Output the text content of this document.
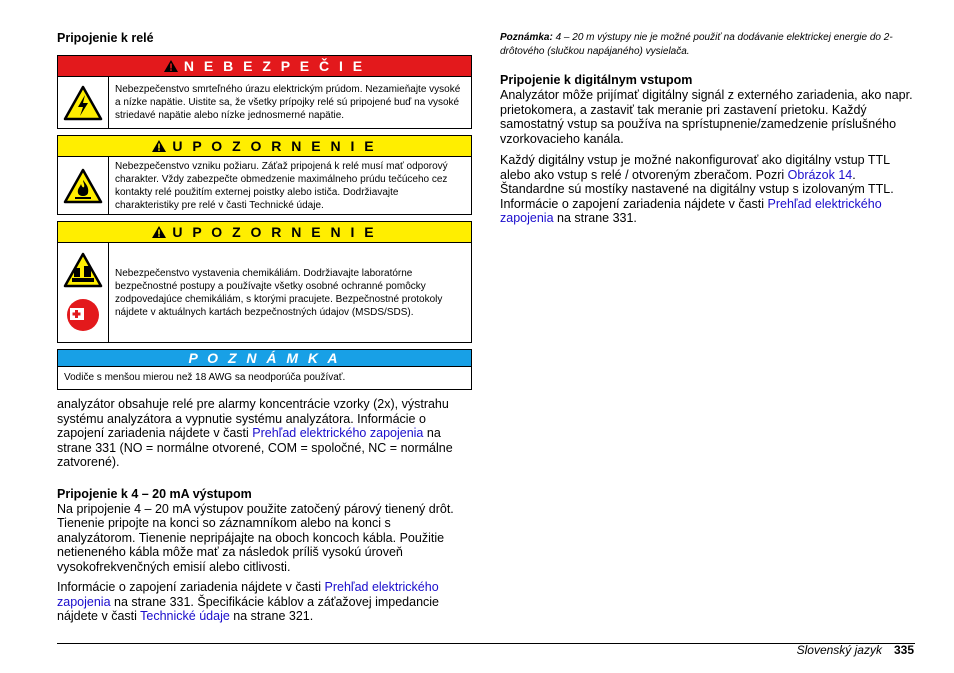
Pripojenie k relé
N E B E Z P E Č I E
Nebezpečenstvo smrteľného úrazu elektrickým prúdom. Nezamieňajte vysoké a nízke napätie. Uistite sa, že všetky prípojky relé sú pripojené buď na vysoké striedavé napätie alebo nízke jednosmerné napätie.
U P O Z O R N E N I E
Nebezpečenstvo vzniku požiaru. Záťaž pripojená k relé musí mať odporový charakter. Vždy zabezpečte obmedzenie maximálneho prúdu tečúceho cez kontakty relé použitím externej poistky alebo ističa. Dodržiavajte charakteristiky pre relé v časti Technické údaje.
U P O Z O R N E N I E
Nebezpečenstvo vystavenia chemikáliám. Dodržiavajte laboratórne bezpečnostné postupy a používajte všetky osobné ochranné pomôcky zodpovedajúce chemikáliám, s ktorými pracujete. Bezpečnostné protokoly nájdete v aktuálnych kartách bezpečnostných údajov (MSDS/SDS).
P O Z N Á M K A
Vodiče s menšou mierou než 18 AWG sa neodporúča používať.

analyzátor obsahuje relé pre alarmy koncentrácie vzorky (2x), výstrahu systému analyzátora a vypnutie systému analyzátora. Informácie o zapojení zariadenia nájdete v časti Prehľad elektrického zapojenia na strane 331 (NO = normálne otvorené, COM = spoločné, NC = normálne zatvorené).

Pripojenie k 4 – 20 mA výstupom

Na pripojenie 4 – 20 mA výstupov použite zatočený párový tienený drôt. Tienenie pripojte na konci so záznamníkom alebo na konci s analyzátorom. Tienenie nepripájajte na oboch koncoch kábla. Použitie netieneného kábla môže mať za následok príliš vysokú úroveň vysokofrekvenčných emisií alebo citlivosti.

Informácie o zapojení zariadenia nájdete v časti Prehľad elektrického zapojenia na strane 331. Špecifikácie káblov a záťažovej impedancie nájdete v časti Technické údaje na strane 321.

Poznámka: 4 – 20 m výstupy nie je možné použiť na dodávanie elektrickej energie do 2-drôtového (slučkou napájaného) vysielača.

Pripojenie k digitálnym vstupom

Analyzátor môže prijímať digitálny signál z externého zariadenia, ako napr. prietokomera, a zastaviť tak meranie pri zastavení prietoku. Každý samostatný vstup sa používa na sprístupnenie/zamedzenie príslušného vzorkovacieho kanála.

Každý digitálny vstup je možné nakonfigurovať ako digitálny vstup TTL alebo ako vstup s relé / otvoreným zberačom. Pozri Obrázok 14. Štandardne sú mostíky nastavené na digitálny vstup s izolovaným TTL. Informácie o zapojení zariadenia nájdete v časti Prehľad elektrického zapojenia na strane 331.

Slovenský jazyk 335
